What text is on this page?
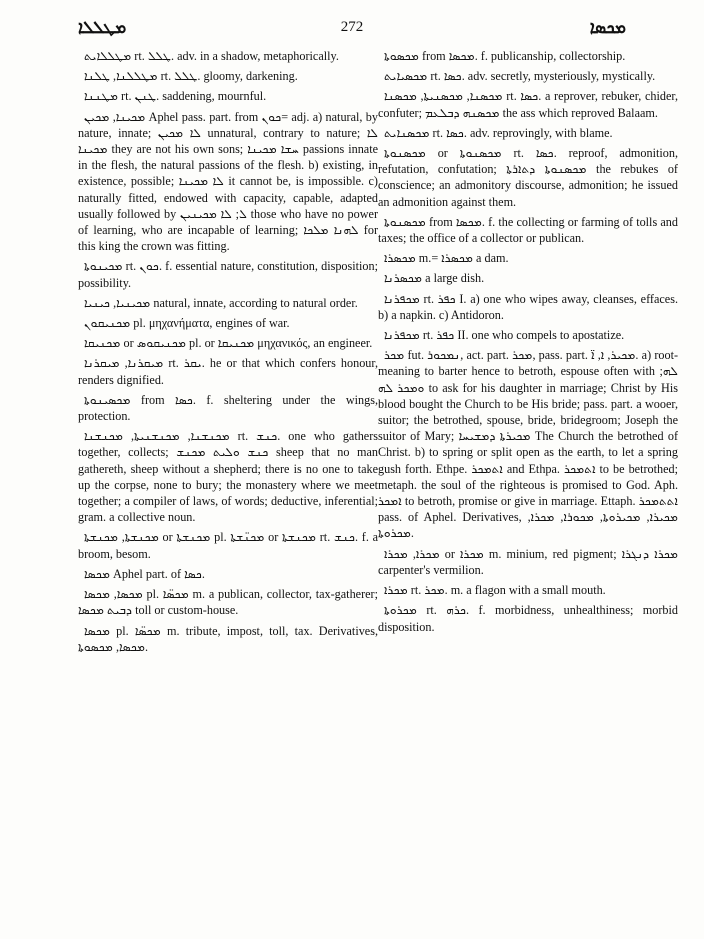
ܡܛܠܠܐ	272	ܡܟܣܐ

ܡܛܠܠܐܝܬ rt. ܛܠܠ. adv. in a shadow, metaphorically.

ܡܛܠܠܢܐ, ܛܠܢܐ rt. ܛܠܠ. gloomy, darkening.

ܡܛܢܢܐ rt. ܛܢܢ. saddening, mournful.

ܡܟܝܢܐ, ܡܟܝܢ Aphel pass. part. from ܟܘܢ= adj. a) natural, by nature, innate; ܠܐ ܡܟܝܢ unnatural, contrary to nature; ܠܐ ܡܟܝܢܐ they are not his own sons; ܚܫܐ ܡܟܝܢܐ passions innate in the flesh, the natural passions of the flesh. b) existing, in existence, possible; ܠܐ ܡܟܝܢܐ it cannot be, is impossible. c) naturally fitted, endowed with capacity, capable, adapted usually followed by ܠ; ܠܐ ܡܟܝܢܝܢ those who have no power of learning, who are incapable of learning; ܠܗܢܐ ܡܠܟܐ for this king the crown was fitting.

ܡܟܝܢܘܬܐ rt. ܟܘܢ. f. essential nature, constitution, disposition; possibility.

ܡܟܝܢܝܐ, ܟܝܢܝܐ natural, innate, according to natural order.

ܡܟܢܝܩܘܢ pl. μηχανήματα, engines of war.

ܡܟܢܝܩܐ or ܡܟܢܝܩܘܣ pl. or ܡܟܢܝܩܐ μηχανικός, an engineer.

ܡܝܩܪܢܐ, ܡܝܩܪܢܐ rt. ܝܩܪ. he or that which confers honour, renders dignified.

ܡܟܣܝܢܘܬܐ from ܟܣܐ. f. sheltering under the wings, protection.

ܡܟܢܫܢܐ, ܡܟܢܫܢܝܬܐ, ܡܟܢܫܢܐ rt. ܟܢܫ. one who gathers together, collects; ܟܢܫ ܘܠܝܬ ܡܟܢܫ sheep that no man gathereth, sheep without a shepherd; there is no one to take up the corpse, none to bury; the monastery where we meet together; a compiler of laws, of words; deductive, inferential; gram. a collective noun.

ܡܟܢܫܬܐ, ܡܟܢܫܬܐ or ܡܟܢܫܬܐ pl. ܡܟܢ̈ܫܬܐ or ܡܟܢܫܬܐ rt. ܟܢܫ. f. a broom, besom.

ܡܟܣܐ Aphel part. of ܟܣܐ.

ܡܟܣܐ, ܡܟܣܐ pl. ܡܟܣ̈ܐ m. a publican, collector, tax-gatherer; ܕܒܝܬ ܡܟܣܐ toll or custom-house.

ܡܟܣܐ pl. ܡܟܣ̈ܐ m. tribute, impost, toll, tax. Derivatives, ܡܟܣܐ, ܡܟܣܘܬܐ.

ܡܟܣܘܬܐ from ܡܟܣܐ. f. publicanship, collectorship.

ܡܟܣܝܐܝܬ rt. ܟܣܐ. adv. secretly, mysteriously, mystically.

ܡܟܣܢܐ, ܡܟܣܢܝܬܐ, ܡܟܣܢܐ rt. ܟܣܐ. a reprover, rebuker, chider, confuter; ܡܟܣܢܗ ܕܒܠܥܡ the ass which reproved Balaam.

ܡܟܣܢܐܝܬ rt. ܟܣܐ. adv. reprovingly, with blame.

ܡܟܣܢܘܬܐ or ܡܟܣܢܘܬܐ rt. ܟܣܐ. reproof, admonition, refutation, confutation; ܡܟܣܢܘܬܐ ܕܬܐܪܬܐ the rebukes of conscience; an admonitory discourse, admonition; he issued an admonition against them.

ܡܟܣܢܘܬܐ from ܡܟܣܐ. f. the collecting or farming of tolls and taxes; the office of a collector or publican.

ܡܟܣܪܐ m.= ܡܟܣܪܐ a dam.

ܡܟܣܪܢܐ a large dish.

ܡܟܦܪܢܐ rt. ܟܦܪ I. a) one who wipes away, cleanses, effaces. b) a napkin. c) Antidoron.

ܡܟܦܪܢܐ rt. ܟܦܪ II. one who compels to apostatize.

ܡܟܪ fut. ܢܡܟܘܪ, act. part. ܡܟܪ, pass. part. ܡܟܝܪ, ܐ, ܐ̈. a) root-meaning to barter hence to betroth, espouse often with ܠܗ; ܘܡܟܪ ܠܗ to ask for his daughter in marriage; Christ by His blood bought the Church to be His bride; pass. part. a wooer, suitor; the betrothed, spouse, bride, bridegroom; Joseph the suitor of Mary; ܡܟܝܪܬܐ ܕܡܫܝܚܐ The Church the betrothed of Christ. b) to spring or split open as the earth, to let a spring gush forth. Ethpe. ܐܬܡܟܪ and Ethpa. ܐܬܡܟܪ to be betrothed; metaph. the soul of the righteous is promised to God. Aph. ܐܡܟܪ to betroth, promise or give in marriage. Ettaph. ܐܬܬܡܟܪ pass. of Aphel. Derivatives, ܡܟܝܪܐ, ܡܟܝܪܘܬܐ, ܡܟܘܪܐ, ܡܟܪܐ, ܡܟܪܘܬܐ.

ܡܟܪܐ, ܡܟܪܐ or ܡܟܪܐ m. minium, red pigment; ܡܟܪܐ ܕܢܓܪܐ carpenter's vermilion.

ܡܟܪܐ rt. ܡܟܪ. m. a flagon with a small mouth.

ܡܟܪܘܬܐ rt. ܟܪܗ. f. morbidness, unhealthiness; morbid disposition.
